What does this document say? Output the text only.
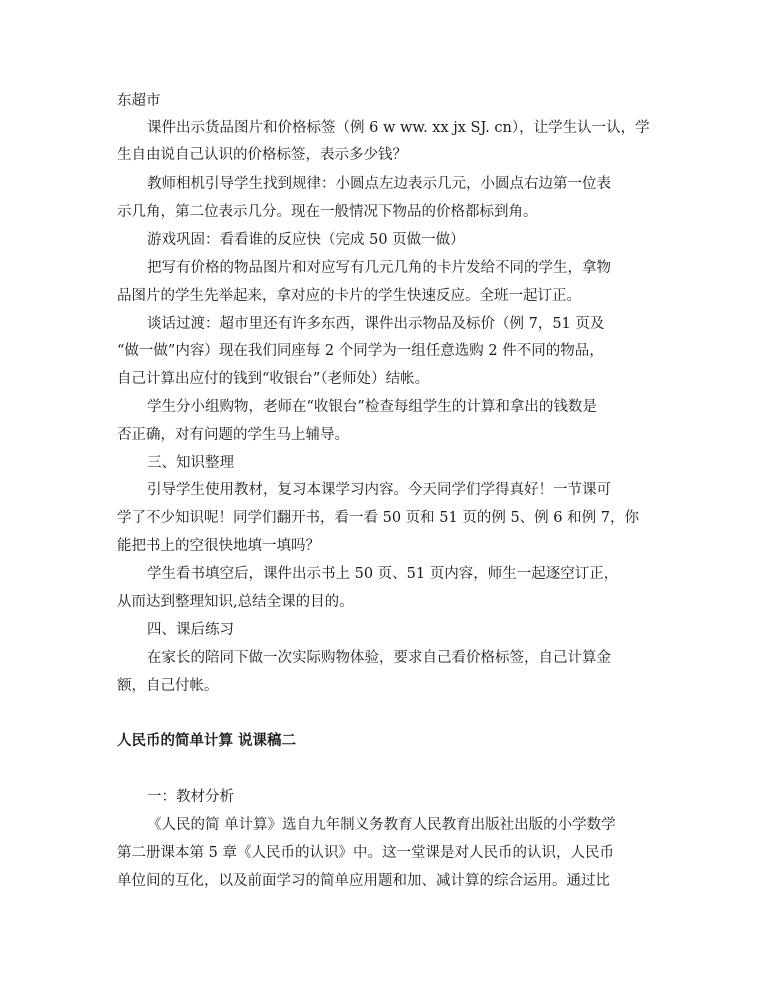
东超市
课件出示货品图片和价格标签（例 6 w ww. xx jx SJ. cn），让学生认一认，学
生自由说自己认识的价格标签，表示多少钱？
教师相机引导学生找到规律：小圆点左边表示几元，小圆点右边第一位表
示几角，第二位表示几分。现在一般情况下物品的价格都标到角。
游戏巩固：看看谁的反应快（完成 50 页做一做）
把写有价格的物品图片和对应写有几元几角的卡片发给不同的学生，拿物
品图片的学生先举起来，拿对应的卡片的学生快速反应。全班一起订正。
谈话过渡：超市里还有许多东西，课件出示物品及标价（例 7，51 页及
“做一做”内容）现在我们同座每 2 个同学为一组任意选购 2 件不同的物品，
自己计算出应付的钱到“收银台”（老师处）结帐。
学生分小组购物，老师在“收银台”检查每组学生的计算和拿出的钱数是
否正确，对有问题的学生马上辅导。
三、知识整理
引导学生使用教材，复习本课学习内容。今天同学们学得真好！一节课可
学了不少知识呢！同学们翻开书，看一看 50 页和 51 页的例 5、例 6 和例 7，你
能把书上的空很快地填一填吗？
学生看书填空后，课件出示书上 50 页、51 页内容，师生一起逐空订正，
从而达到整理知识,总结全课的目的。
四、课后练习
在家长的陪同下做一次实际购物体验，要求自己看价格标签，自己计算金
额，自己付帐。
人民币的简单计算 说课稿二
一：教材分析
《人民的简 单计算》选自九年制义务教育人民教育出版社出版的小学数学
第二册课本第 5 章《人民币的认识》中。这一堂课是对人民币的认识，人民币
单位间的互化，以及前面学习的简单应用题和加、减计算的综合运用。通过比
